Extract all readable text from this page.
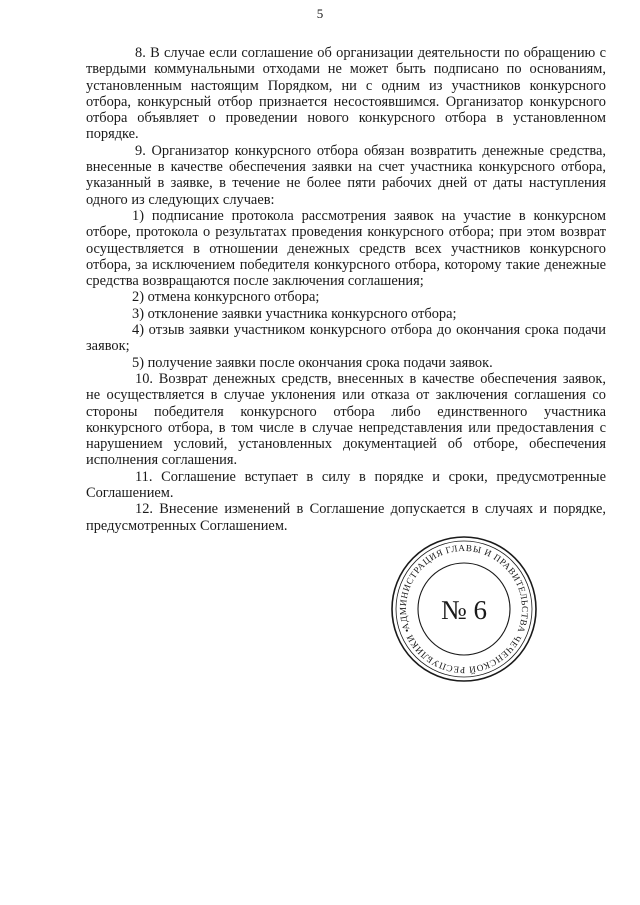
5

8. В случае если соглашение об организации деятельности по обращению с твердыми коммунальными отходами не может быть подписано по основаниям, установленным настоящим Порядком, ни с одним из участников конкурсного отбора, конкурсный отбор признается несостоявшимся. Организатор конкурсного отбора объявляет о проведении нового конкурсного отбора в установленном порядке.

9. Организатор конкурсного отбора обязан возвратить денежные средства, внесенные в качестве обеспечения заявки на счет участника конкурсного отбора, указанный в заявке, в течение не более пяти рабочих дней от даты наступления одного из следующих случаев:

1) подписание протокола рассмотрения заявок на участие в конкурсном отборе, протокола о результатах проведения конкурсного отбора; при этом возврат осуществляется в отношении денежных средств всех участников конкурсного отбора, за исключением победителя конкурсного отбора, которому такие денежные средства возвращаются после заключения соглашения;

2) отмена конкурсного отбора;

3) отклонение заявки участника конкурсного отбора;

4) отзыв заявки участником конкурсного отбора до окончания срока подачи заявок;

5) получение заявки после окончания срока подачи заявок.

10. Возврат денежных средств, внесенных в качестве обеспечения заявок, не осуществляется в случае уклонения или отказа от заключения соглашения со стороны победителя конкурсного отбора либо единственного участника конкурсного отбора, в том числе в случае непредставления или предоставления с нарушением условий, установленных документацией об отборе, обеспечения исполнения соглашения.

11. Соглашение вступает в силу в порядке и сроки, предусмотренные Соглашением.

12. Внесение изменений в Соглашение допускается в случаях и порядке, предусмотренных Соглашением.

АДМИНИСТРАЦИЯ ГЛАВЫ И ПРАВИТЕЛЬСТВА ЧЕЧЕНСКОЙ РЕСПУБЛИКИ •
№ 6
